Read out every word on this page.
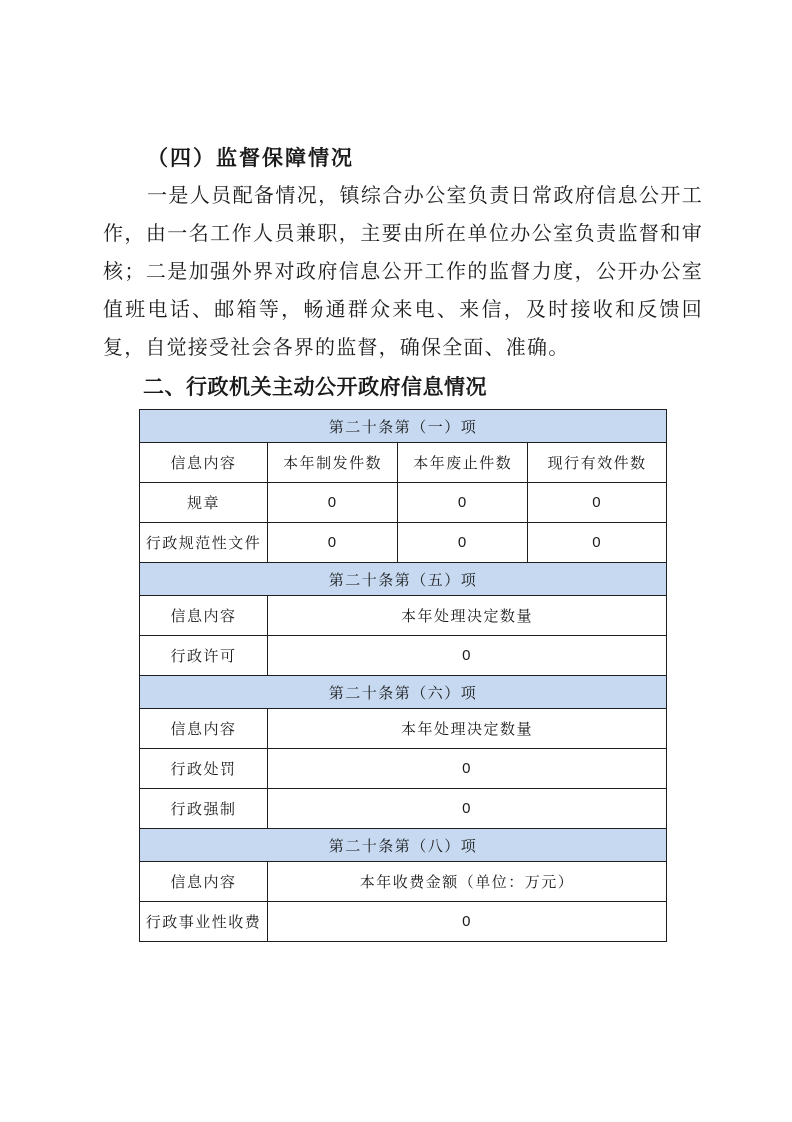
（四）监督保障情况

一是人员配备情况，镇综合办公室负责日常政府信息公开工作，由一名工作人员兼职，主要由所在单位办公室负责监督和审核；二是加强外界对政府信息公开工作的监督力度，公开办公室值班电话、邮箱等，畅通群众来电、来信，及时接收和反馈回复，自觉接受社会各界的监督，确保全面、准确。

二、行政机关主动公开政府信息情况

第二十条第（一）项			
信息内容	本年制发件数	本年废止件数	现行有效件数
规章	0	0	0
行政规范性文件	0	0	0
第二十条第（五）项			
信息内容	本年处理决定数量		
行政许可	0		
第二十条第（六）项			
信息内容	本年处理决定数量		
行政处罚	0		
行政强制	0		
第二十条第（八）项			
信息内容	本年收费金额（单位：万元）		
行政事业性收费	0		
